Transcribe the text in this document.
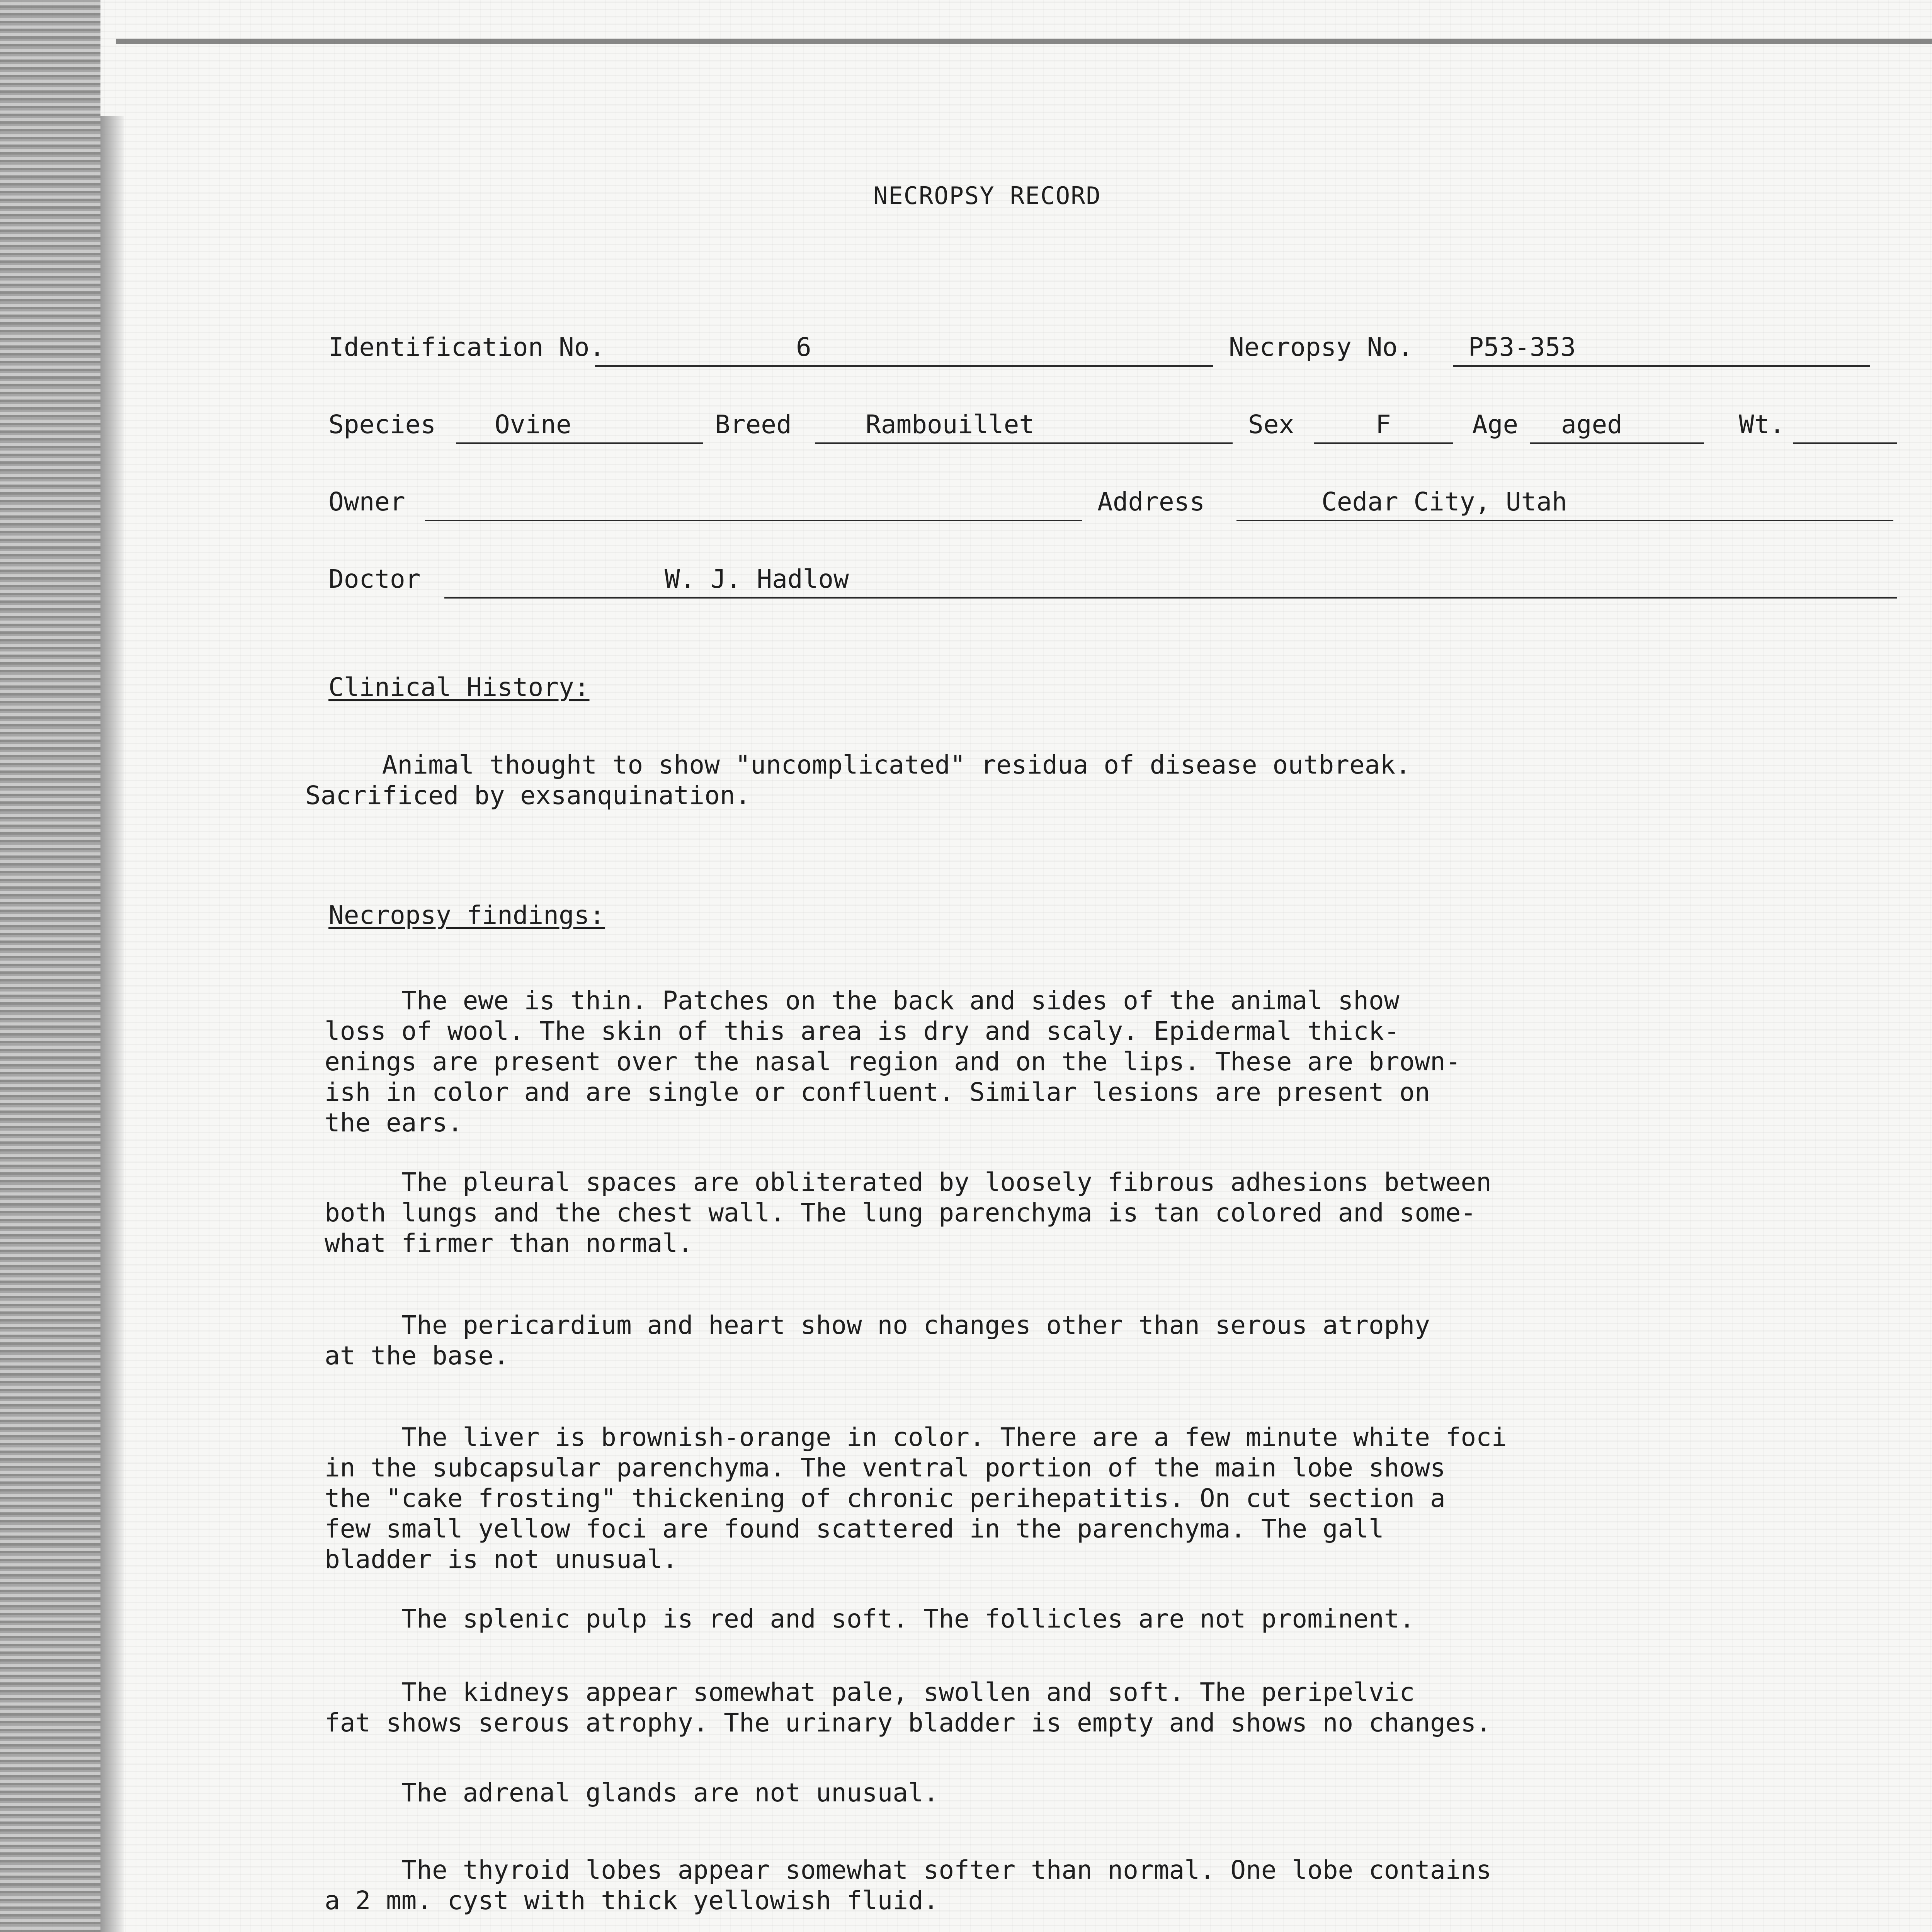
NECROPSY RECORD
Identification No.	6	Necropsy No. P53-353
Species Ovine	Breed	Rambouillet	Sex	F	Age aged	Wt.
Owner	Address	Cedar City, Utah
Doctor	W. J. Hadlow
Clinical History:

Animal thought to show "uncomplicated" residua of disease outbreak.
Sacrificed by exsanquination.

Necropsy findings:

The ewe is thin. Patches on the back and sides of the animal show
loss of wool. The skin of this area is dry and scaly. Epidermal thick-
enings are present over the nasal region and on the lips. These are brown-
ish in color and are single or confluent. Similar lesions are present on
the ears.

The pleural spaces are obliterated by loosely fibrous adhesions between
both lungs and the chest wall. The lung parenchyma is tan colored and some-
what firmer than normal.

The pericardium and heart show no changes other than serous atrophy
at the base.

The liver is brownish-orange in color. There are a few minute white foci
in the subcapsular parenchyma. The ventral portion of the main lobe shows
the "cake frosting" thickening of chronic perihepatitis. On cut section a
few small yellow foci are found scattered in the parenchyma. The gall
bladder is not unusual.

The splenic pulp is red and soft. The follicles are not prominent.

The kidneys appear somewhat pale, swollen and soft. The peripelvic
fat shows serous atrophy. The urinary bladder is empty and shows no changes.

The adrenal glands are not unusual.

The thyroid lobes appear somewhat softer than normal. One lobe contains
a 2 mm. cyst with thick yellowish fluid.
